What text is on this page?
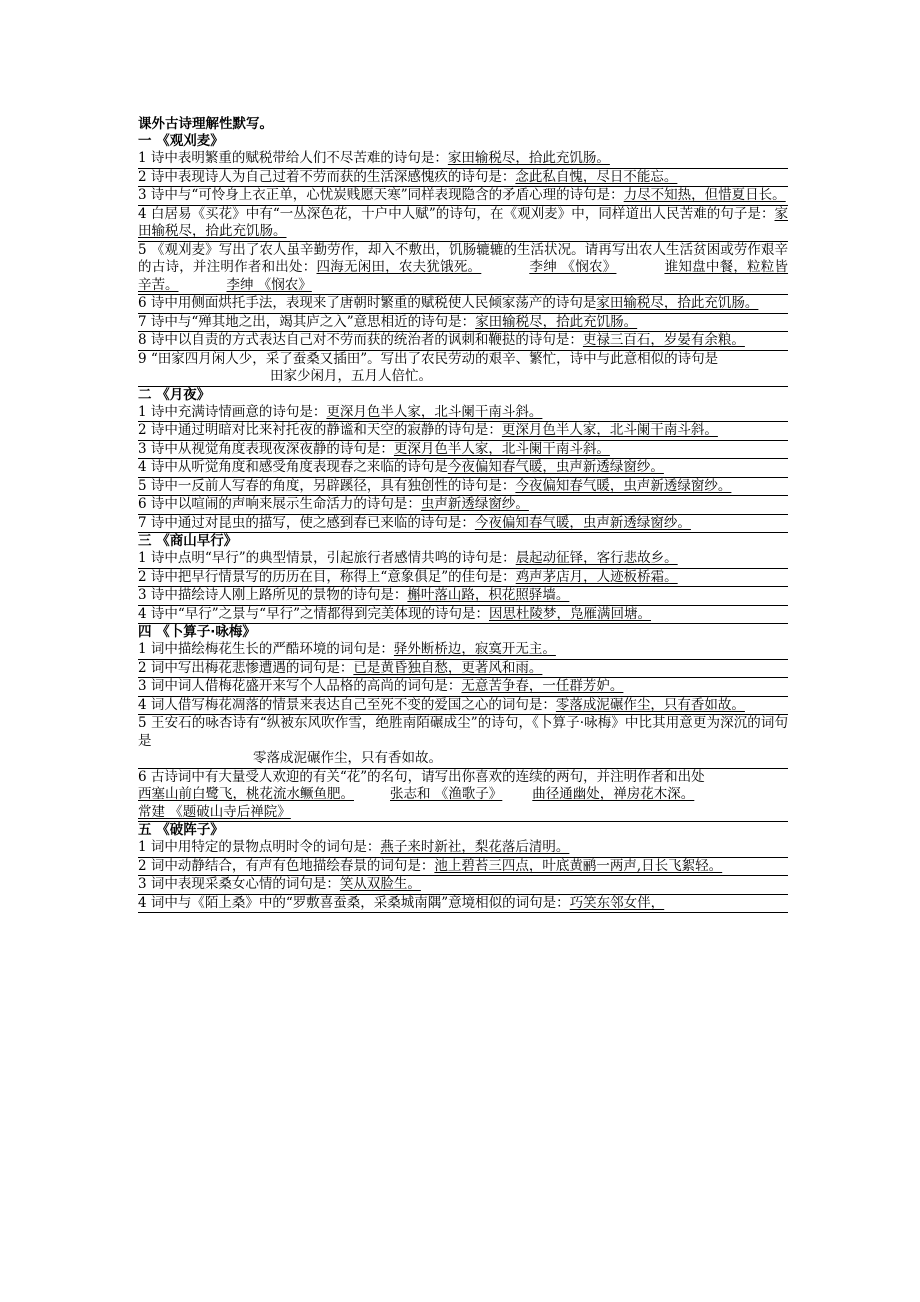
课外古诗理解性默写。
一 《观刈麦》
1 诗中表明繁重的赋税带给人们不尽苦难的诗句是：家田输税尽，拾此充饥肠。
2 诗中表现诗人为自己过着不劳而获的生活深感愧疚的诗句是：念此私自愧，尽日不能忘。
3 诗中与“可怜身上衣正单，心忧炭贱愿天寒”同样表现隐含的矛盾心理的诗句是：力尽不知热，但惜夏日长。
4 白居易《买花》中有“一丛深色花，十户中人赋”的诗句，在《观刈麦》中，同样道出人民苦难的句子是：家田输税尽，拾此充饥肠。
5 《观刈麦》写出了农人虽辛勤劳作，却入不敷出，饥肠辘辘的生活状况。请再写出农人生活贫困或劳作艰辛的古诗，并注明作者和出处：四海无闲田，农夫犹饿死。	李绅 《悯农》	谁知盘中餐，粒粒皆辛苦。	李绅 《悯农》
6 诗中用侧面烘托手法，表现来了唐朝时繁重的赋税使人民倾家荡产的诗句是家田输税尽，拾此充饥肠。
7 诗中与“殚其地之出，竭其庐之入”意思相近的诗句是：家田输税尽，拾此充饥肠。
8 诗中以自责的方式表达自己对不劳而获的统治者的讽刺和鞭挞的诗句是：吏禄三百石，岁晏有余粮。
9 “田家四月闲人少，采了蚕桑又插田”。写出了农民劳动的艰辛、繁忙，诗中与此意相似的诗句是
田家少闲月，五月人倍忙。
二 《月夜》
1 诗中充满诗情画意的诗句是：更深月色半人家，北斗阑干南斗斜。
2 诗中通过明暗对比来衬托夜的静谧和天空的寂静的诗句是：更深月色半人家，北斗阑干南斗斜。
3 诗中从视觉角度表现夜深夜静的诗句是：更深月色半人家，北斗阑干南斗斜。
4 诗中从听觉角度和感受角度表现春之来临的诗句是今夜偏知春气暖，虫声新透绿窗纱。
5 诗中一反前人写春的角度，另辟蹊径，具有独创性的诗句是：今夜偏知春气暖，虫声新透绿窗纱。
6 诗中以喧闹的声响来展示生命活力的诗句是：虫声新透绿窗纱。
7 诗中通过对昆虫的描写，使之感到春已来临的诗句是：今夜偏知春气暖，虫声新透绿窗纱。
三 《商山早行》
1 诗中点明“早行”的典型情景，引起旅行者感情共鸣的诗句是：晨起动征铎，客行悲故乡。
2 诗中把早行情景写的历历在目，称得上“意象俱足”的佳句是：鸡声茅店月，人迹板桥霜。
3 诗中描绘诗人刚上路所见的景物的诗句是：槲叶落山路，枳花照驿墙。
4 诗中“早行”之景与“早行”之情都得到完美体现的诗句是：因思杜陵梦，凫雁满回塘。
四 《卜算子·咏梅》
1 词中描绘梅花生长的严酷环境的词句是：驿外断桥边，寂寞开无主。
2 词中写出梅花悲惨遭遇的词句是：已是黄昏独自愁，更著风和雨。
3 词中词人借梅花盛开来写个人品格的高尚的词句是：无意苦争春，一任群芳妒。
4 词人借写梅花凋落的情景来表达自己至死不变的爱国之心的词句是：零落成泥碾作尘，只有香如故。
5 王安石的咏杏诗有“纵被东风吹作雪，绝胜南陌碾成尘”的诗句，《卜算子·咏梅》中比其用意更为深沉的词句是
零落成泥碾作尘，只有香如故。
6 古诗词中有大量受人欢迎的有关“花”的名句，请写出你喜欢的连续的两句，并注明作者和出处
西塞山前白鹭飞，桃花流水鳜鱼肥。	张志和 《渔歌子》 曲径通幽处，禅房花木深。
常建 《题破山寺后禅院》
五 《破阵子》
1 词中用特定的景物点明时令的词句是：燕子来时新社，梨花落后清明。
2 词中动静结合，有声有色地描绘春景的词句是：池上碧苔三四点，叶底黄鹂一两声,日长飞絮轻。
3 词中表现采桑女心情的词句是：笑从双脸生。
4 词中与《陌上桑》中的“罗敷喜蚕桑，采桑城南隅”意境相似的词句是：巧笑东邻女伴，
